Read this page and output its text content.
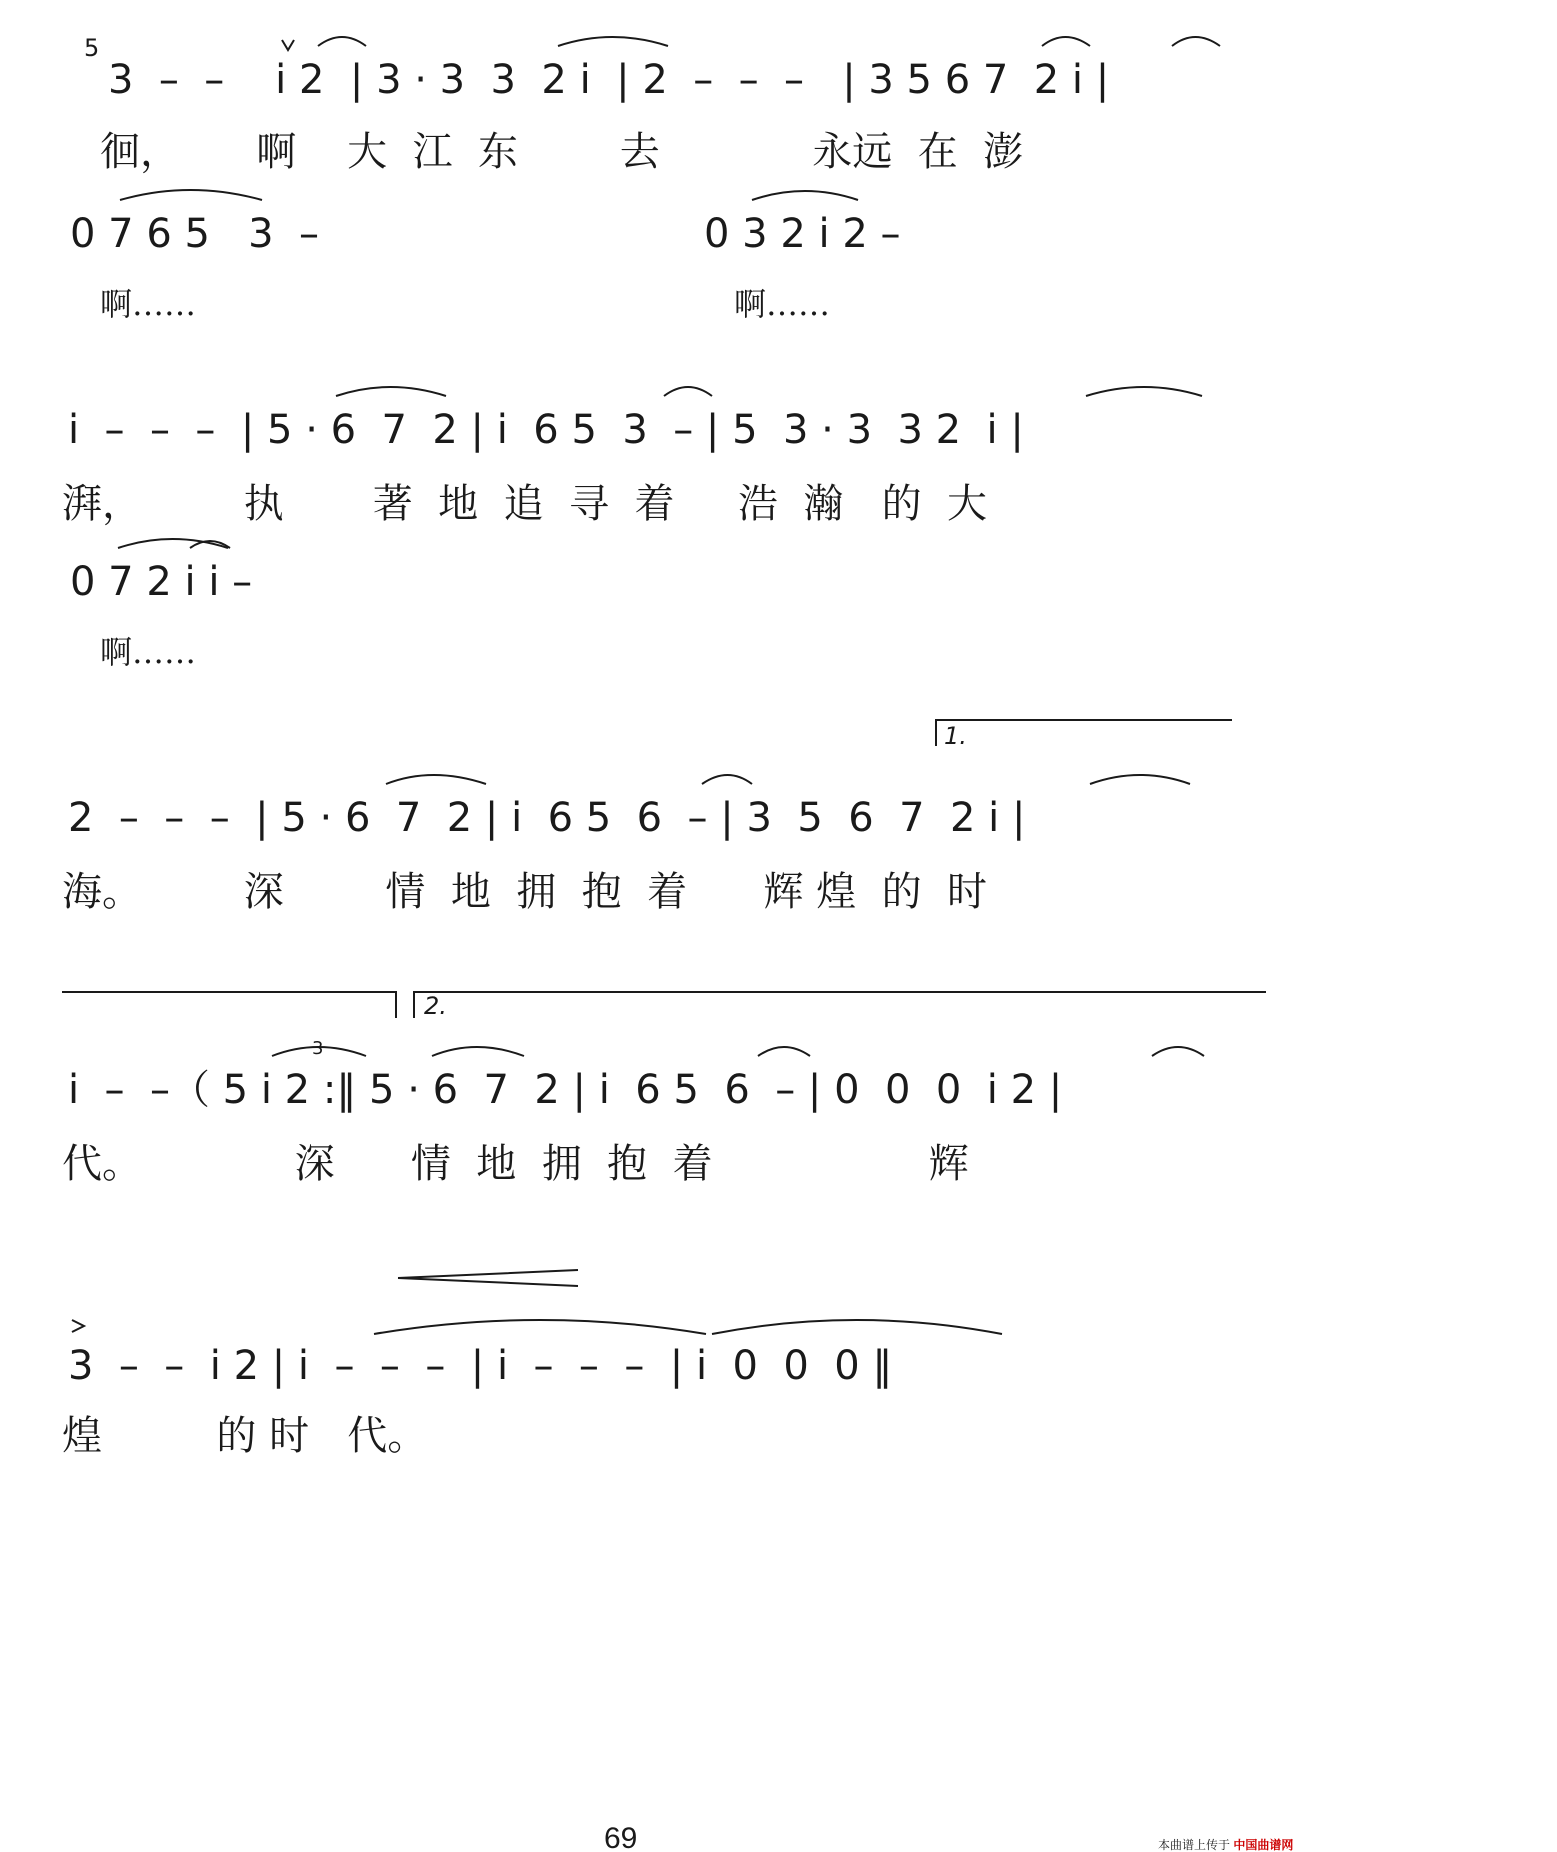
5
3  –  –    i 2  | 3 · 3  3  2 i  | 2  –  –  –   | 3 5 6 7  2 i |
徊，      啊    大  江  东        去            永远  在  澎
0 7 6 5   3  –
啊……
0 3 2 i 2 –
啊……
i  –  –  –  | 5 · 6  7  2 | i  6 5  3  – | 5  3 · 3  3 2  i |
湃，        执       著  地  追  寻  着     浩  瀚   的  大
0 7 2 i i –
啊……
1.
2  –  –  –  | 5 · 6  7  2 | i  6 5  6  – | 3  5  6  7  2 i |
海。        深        情  地  拥  抱  着      辉 煌  的  时
2.
3
i  –  –（ 5 i 2 :‖ 5 · 6  7  2 | i  6 5  6  – | 0  0  0  i 2 |
代。            深      情  地  拥  抱  着                 辉
3  –  –  i 2 | i  –  –  –  | i  –  –  –  | i  0  0  0 ‖
煌         的 时   代。
69	本曲谱上传于 中国曲谱网
